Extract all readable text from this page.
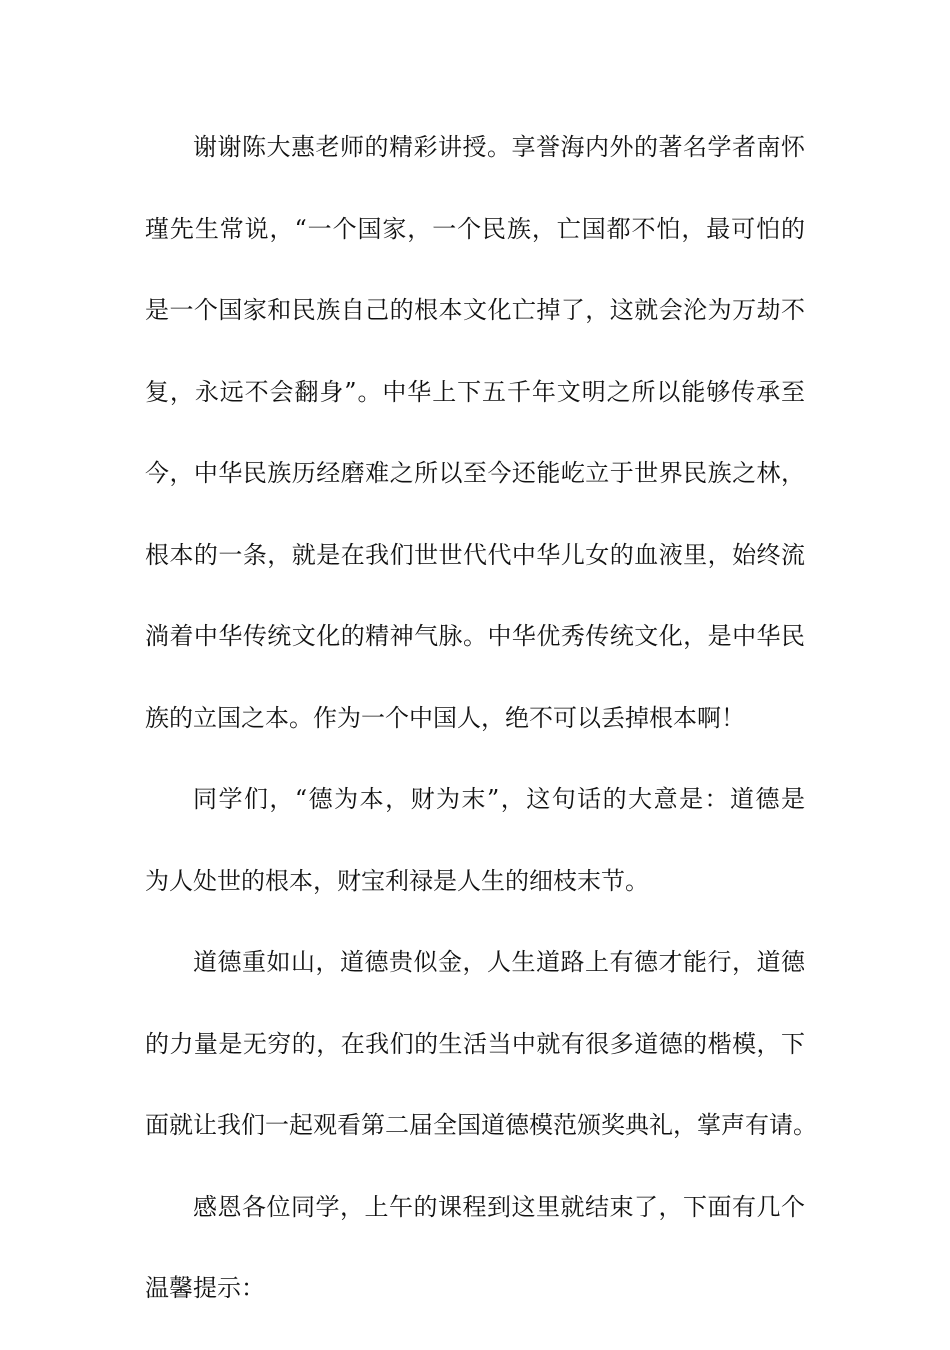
谢谢陈大惠老师的精彩讲授。享誉海内外的著名学者南怀
瑾先生常说，“一个国家，一个民族，亡国都不怕，最可怕的
是一个国家和民族自己的根本文化亡掉了，这就会沦为万劫不
复，永远不会翻身”。中华上下五千年文明之所以能够传承至
今，中华民族历经磨难之所以至今还能屹立于世界民族之林，
根本的一条，就是在我们世世代代中华儿女的血液里，始终流
淌着中华传统文化的精神气脉。中华优秀传统文化，是中华民
族的立国之本。作为一个中国人，绝不可以丢掉根本啊！
同学们，“德为本，财为末”，这句话的大意是：道德是
为人处世的根本，财宝利禄是人生的细枝末节。
道德重如山，道德贵似金，人生道路上有德才能行，道德
的力量是无穷的，在我们的生活当中就有很多道德的楷模，下
面就让我们一起观看第二届全国道德模范颁奖典礼，掌声有请。
感恩各位同学，上午的课程到这里就结束了，下面有几个
温馨提示：
